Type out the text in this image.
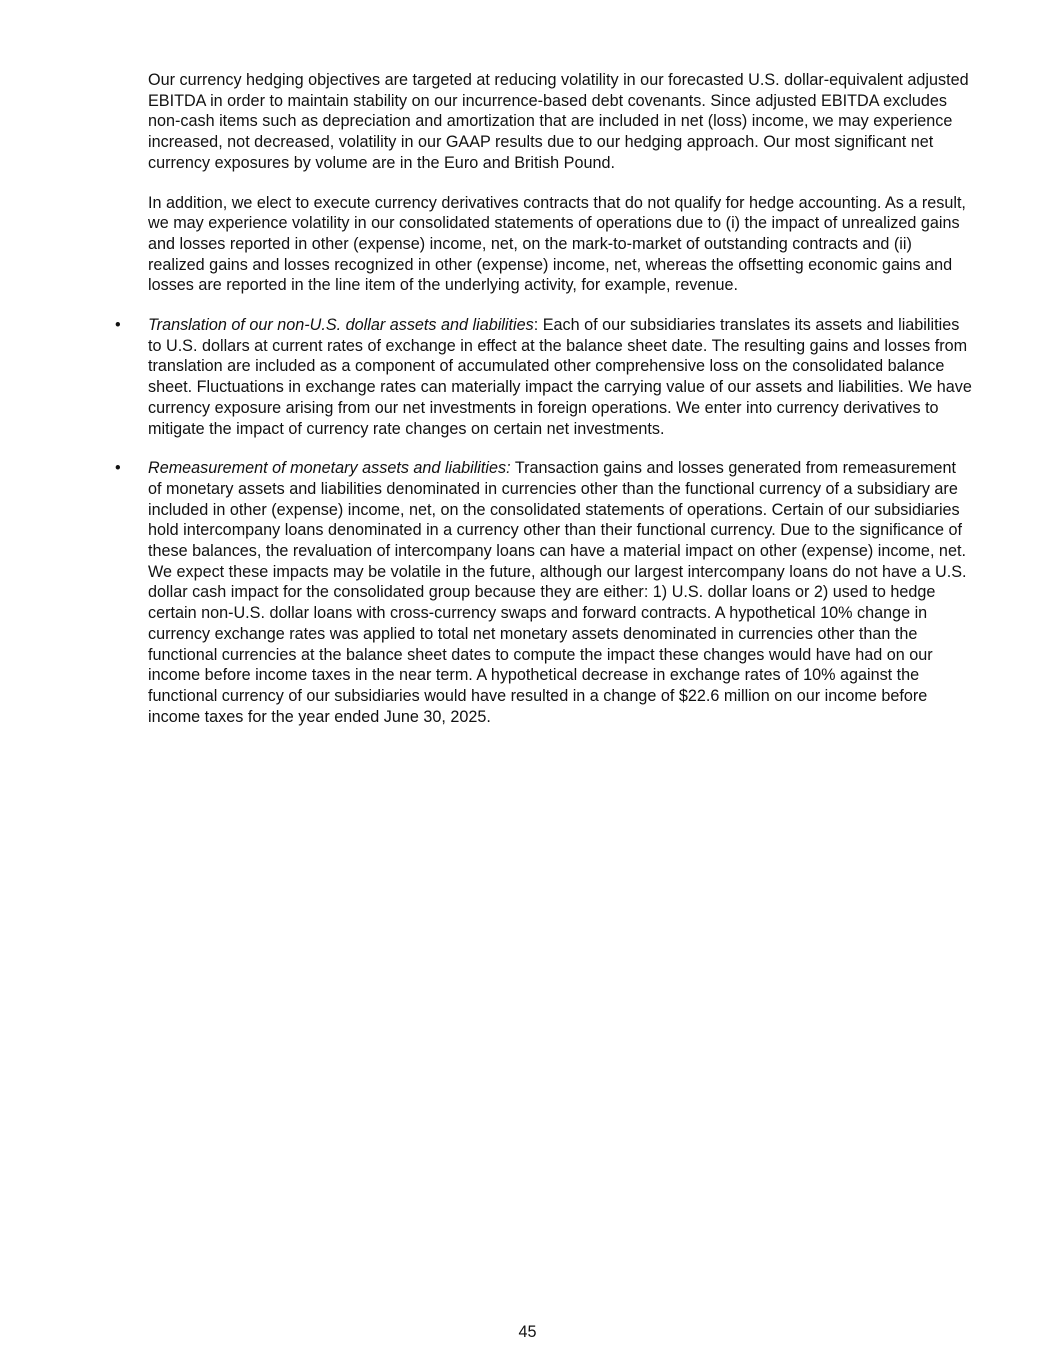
Our currency hedging objectives are targeted at reducing volatility in our forecasted U.S. dollar-equivalent adjusted EBITDA in order to maintain stability on our incurrence-based debt covenants. Since adjusted EBITDA excludes non-cash items such as depreciation and amortization that are included in net (loss) income, we may experience increased, not decreased, volatility in our GAAP results due to our hedging approach. Our most significant net currency exposures by volume are in the Euro and British Pound.

In addition, we elect to execute currency derivatives contracts that do not qualify for hedge accounting. As a result, we may experience volatility in our consolidated statements of operations due to (i) the impact of unrealized gains and losses reported in other (expense) income, net, on the mark-to-market of outstanding contracts and (ii) realized gains and losses recognized in other (expense) income, net, whereas the offsetting economic gains and losses are reported in the line item of the underlying activity, for example, revenue.

• Translation of our non-U.S. dollar assets and liabilities: Each of our subsidiaries translates its assets and liabilities to U.S. dollars at current rates of exchange in effect at the balance sheet date. The resulting gains and losses from translation are included as a component of accumulated other comprehensive loss on the consolidated balance sheet. Fluctuations in exchange rates can materially impact the carrying value of our assets and liabilities. We have currency exposure arising from our net investments in foreign operations. We enter into currency derivatives to mitigate the impact of currency rate changes on certain net investments.

• Remeasurement of monetary assets and liabilities: Transaction gains and losses generated from remeasurement of monetary assets and liabilities denominated in currencies other than the functional currency of a subsidiary are included in other (expense) income, net, on the consolidated statements of operations. Certain of our subsidiaries hold intercompany loans denominated in a currency other than their functional currency. Due to the significance of these balances, the revaluation of intercompany loans can have a material impact on other (expense) income, net. We expect these impacts may be volatile in the future, although our largest intercompany loans do not have a U.S. dollar cash impact for the consolidated group because they are either: 1) U.S. dollar loans or 2) used to hedge certain non-U.S. dollar loans with cross-currency swaps and forward contracts. A hypothetical 10% change in currency exchange rates was applied to total net monetary assets denominated in currencies other than the functional currencies at the balance sheet dates to compute the impact these changes would have had on our income before income taxes in the near term. A hypothetical decrease in exchange rates of 10% against the functional currency of our subsidiaries would have resulted in a change of $22.6 million on our income before income taxes for the year ended June 30, 2025.

45
